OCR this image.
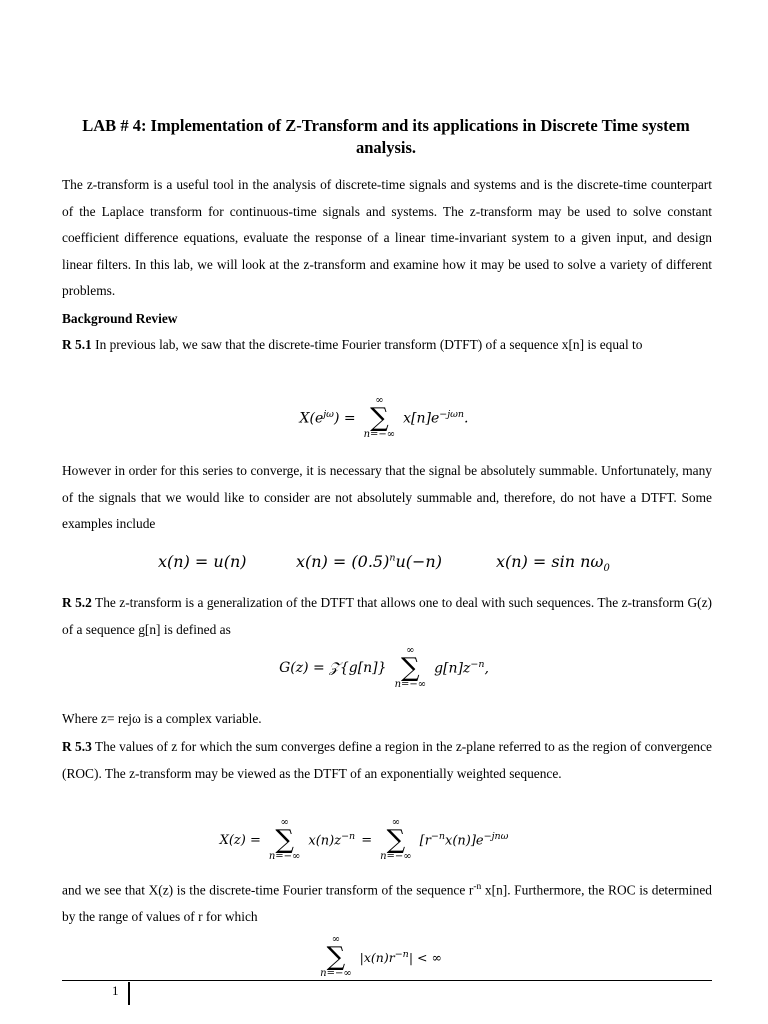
LAB # 4: Implementation of Z-Transform and its applications in Discrete Time system analysis.
The z-transform is a useful tool in the analysis of discrete-time signals and systems and is the discrete-time counterpart of the Laplace transform for continuous-time signals and systems. The z-transform may be used to solve constant coefficient difference equations, evaluate the response of a linear time-invariant system to a given input, and design linear filters. In this lab, we will look at the z-transform and examine how it may be used to solve a variety of different problems.
Background Review
R 5.1 In previous lab, we saw that the discrete-time Fourier transform (DTFT) of a sequence x[n] is equal to
$X(e^{j\omega})$ =
∞
∑
n=−∞
$x[n]e^{-j\omega n}$.
However in order for this series to converge, it is necessary that the signal be absolutely summable. Unfortunately, many of the signals that we would like to consider are not absolutely summable and, therefore, do not have a DTFT. Some examples include
x(n) = u(n)	$x(n) = (0.5)^nu(-n)$	$x(n) = \sin n\omega_0$
R 5.2 The z-transform is a generalization of the DTFT that allows one to deal with such sequences. The z-transform G(z) of a sequence g[n] is defined as
G(z) = 𝒵{g[n]}
∞
∑
n=−∞
$g[n]z^{-n}$,
Where z= rejω is a complex variable.
R 5.3 The values of z for which the sum converges define a region in the z-plane referred to as the region of convergence (ROC). The z-transform may be viewed as the DTFT of an exponentially weighted sequence.
X(z) =
∞
∑
n=−∞
$x(n)z^{-n}$ =
∞
∑
n=−∞
$[r^{-n}x(n)]e^{-jn\omega}$
and we see that X(z) is the discrete-time Fourier transform of the sequence $r^{-n}$ x[n]. Furthermore, the ROC is determined by the range of values of r for which
∞
∑
n=−∞
$|x(n)r^{-n}|$ < ∞
1
